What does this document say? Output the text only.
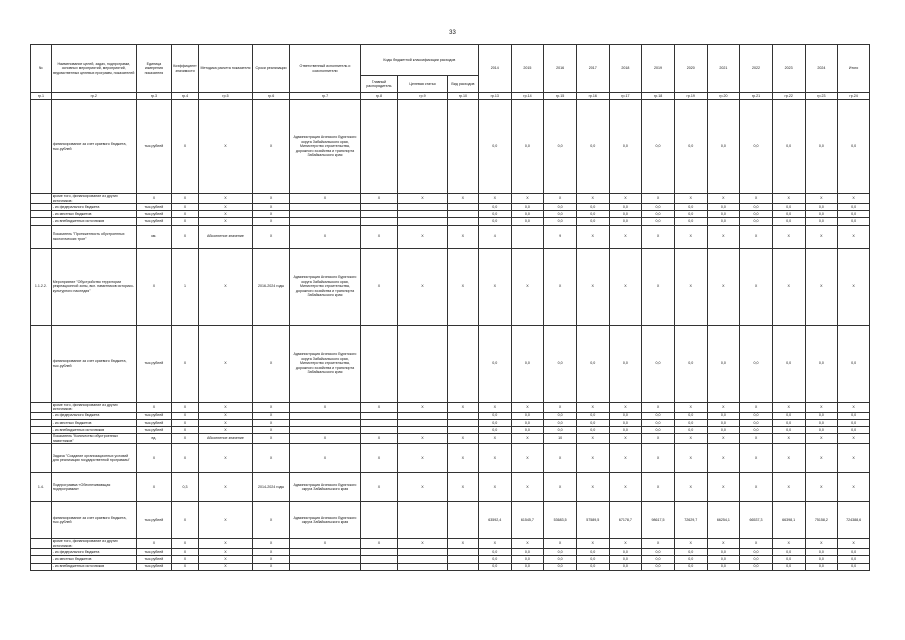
33
№	Наименование целей, задач, подпрограмм, основных мероприятий, мероприятий, ведомственных целевых программ, показателей	Единица измерения показателя	Коэффициент значимости	Методика расчета показателя	Сроки реализации	Ответственный исполнитель и соисполнители	Коды бюджетной классификации расходов			2014	2015	2016	2017	2018	2019	2020	2021	2022	2023	2024	Итого
							Главный распорядитель	Целевая статья	Вид расходов												
гр.1	гр.2	гр.3	гр.4	гр.5	гр.6	гр.7	гр.8	гр.9	гр.10	гр.13	гр.14	гр.15	гр.16	гр.17	гр.18	гр.19	гр.20	гр.21	гр.22	гр.23	гр.24
	финансирование за счет краевого бюджета, тыс.рублей	тыс.рублей	Х	Х	Х	Администрация Агинского Бурятского округа Забайкальского края, Министерство строительства, дорожного хозяйства и транспорта Забайкальского края				0,0	0,0	0,0	0,0	0,0	0,0	0,0	0,0	0,0	0,0	0,0	0,0
	кроме того, финансирование из других источников:	Х	Х	Х	Х	Х	Х	Х	Х	Х	Х	Х	Х	Х	Х	Х	Х	Х	Х	Х	Х
	- из федерального бюджета	тыс.рублей	Х	Х	Х					0,0	0,0	0,0	0,0	0,0	0,0	0,0	0,0	0,0	0,0	0,0	0,0
	- из местных бюджетов	тыс.рублей	Х	Х	Х					0,0	0,0	0,0	0,0	0,0	0,0	0,0	0,0	0,0	0,0	0,0	0,0
	- из внебюджетных источников	тыс.рублей	Х	Х	Х					0,0	0,0	0,0	0,0	0,0	0,0	0,0	0,0	0,0	0,0	0,0	0,0
	Показатель "Протяженность обустроенных экологических троп"	км.	Х	Абсолютное значение	Х	Х	Х	Х	Х	4		9	Х	Х	Х	Х	Х	Х	Х	Х	Х
1.1.2.2.	Мероприятие "Обустройство территории рекреационной зоны, вкл. памятников историко-культурного наследия"	Х	1	Х	2016-2024 годы	Администрация Агинского Бурятского округа Забайкальского края, Министерство строительства, дорожного хозяйства и транспорта Забайкальского края	Х	Х	Х	Х	Х	Х	Х	Х	Х	Х	Х	Х	Х	Х	Х
	финансирование за счет краевого бюджета, тыс.рублей	тыс.рублей	Х	Х	Х	Администрация Агинского Бурятского округа Забайкальского края, Министерство строительства, дорожного хозяйства и транспорта Забайкальского края				0,0	0,0	0,0	0,0	0,0	0,0	0,0	0,0	0,0	0,0	0,0	0,0
	кроме того, финансирование из других источников:	Х	Х	Х	Х	Х	Х	Х	Х	Х	Х	Х	Х	Х	Х	Х	Х	Х	Х	Х	Х
	- из федерального бюджета	тыс.рублей	Х	Х	Х					0,0	0,0	0,0	0,0	0,0	0,0	0,0	0,0	0,0	0,0	0,0	0,0
	- из местных бюджетов	тыс.рублей	Х	Х	Х					0,0	0,0	0,0	0,0	0,0	0,0	0,0	0,0	0,0	0,0	0,0	0,0
	- из внебюджетных источников	тыс.рублей	Х	Х	Х					0,0	0,0	0,0	0,0	0,0	0,0	0,0	0,0	0,0	0,0	0,0	0,0
	Показатель "Количество обустроенных памятников"	ед.	Х	Абсолютное значение	Х	Х	Х	Х	Х	Х	Х	10	Х	Х	Х	Х	Х	Х	Х	Х	Х
	Задача "Создание организационных условий для реализации государственной программы"	Х	Х	Х	Х	Х	Х	Х	Х	Х	Х	Х	Х	Х	Х	Х	Х	Х	Х	Х	Х
1.4.	Подпрограмма «Обеспечивающая подпрограмма»	Х	0,3	Х	2014-2024 годы	Администрация Агинского Бурятского округа Забайкальского края	Х	Х	Х	Х	Х	Х	Х	Х	Х	Х	Х	Х	Х	Х	Х
	финансирование за счет краевого бюджета, тыс.рублей	тыс.рублей	Х	Х	Х	Администрация Агинского Бурятского округа Забайкальского края				63592,4	61545,7	53683,5	57589,5	67178,7	98617,5	72629,7	66254,1	66537,3	66398,1	75158,2	724388,6
	кроме того, финансирование из других источников:	Х	Х	Х	Х	Х	Х	Х	Х	Х	Х	Х	Х	Х	Х	Х	Х	Х	Х	Х	Х
	- из федерального бюджета	тыс.рублей	Х	Х	Х					0,0	0,0	0,0	0,0	0,0	0,0	0,0	0,0	0,0	0,0	0,0	0,0
	- из местных бюджетов	тыс.рублей	Х	Х	Х					0,0	0,0	0,0	0,0	0,0	0,0	0,0	0,0	0,0	0,0	0,0	0,0
	- из внебюджетных источников	тыс.рублей	Х	Х	Х					0,0	0,0	0,0	0,0	0,0	0,0	0,0	0,0	0,0	0,0	0,0	0,0
